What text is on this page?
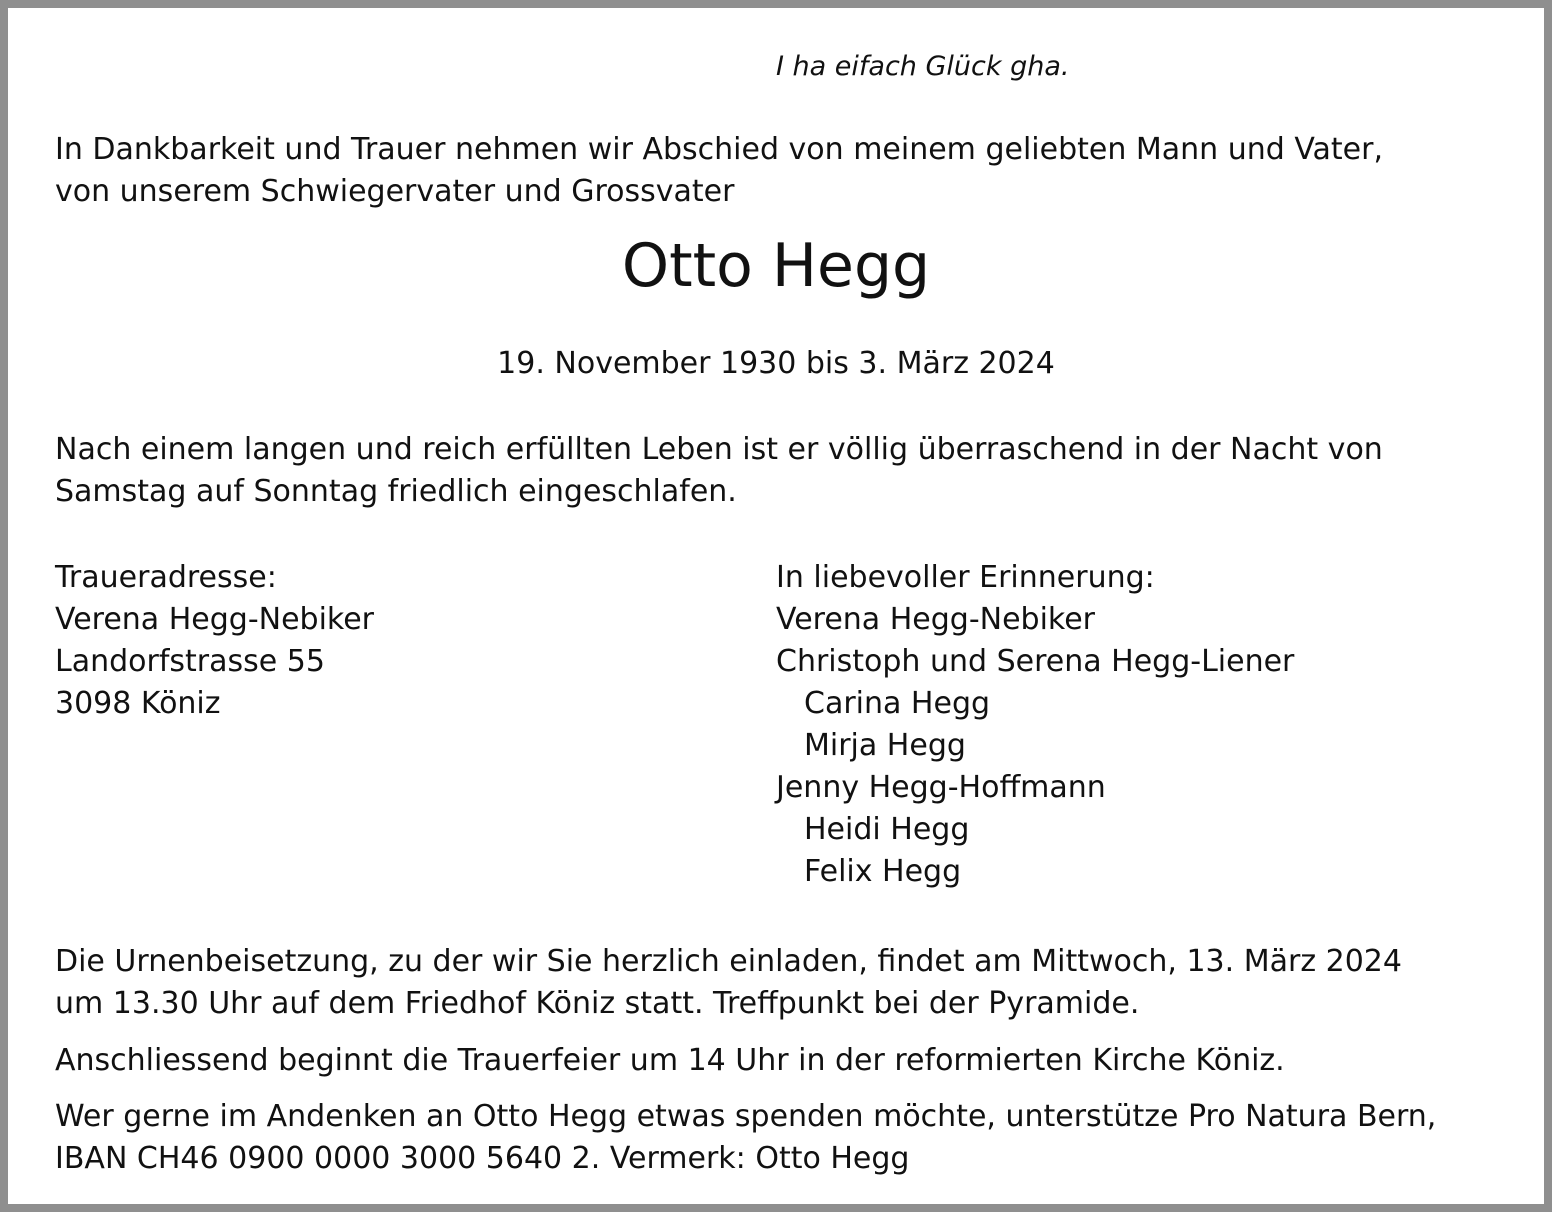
I ha eifach Glück gha.
In Dankbarkeit und Trauer nehmen wir Abschied von meinem geliebten Mann und Vater,
von unserem Schwiegervater und Grossvater
Otto Hegg
19. November 1930 bis 3. März 2024
Nach einem langen und reich erfüllten Leben ist er völlig überraschend in der Nacht von
Samstag auf Sonntag friedlich eingeschlafen.
Traueradresse:
Verena Hegg-Nebiker
Landorfstrasse 55
3098 Köniz
In liebevoller Erinnerung:
Verena Hegg-Nebiker
Christoph und Serena Hegg-Liener
Carina Hegg
Mirja Hegg
Jenny Hegg-Hoffmann
Heidi Hegg
Felix Hegg
Die Urnenbeisetzung, zu der wir Sie herzlich einladen, findet am Mittwoch, 13. März 2024
um 13.30 Uhr auf dem Friedhof Köniz statt. Treffpunkt bei der Pyramide.
Anschliessend beginnt die Trauerfeier um 14 Uhr in der reformierten Kirche Köniz.
Wer gerne im Andenken an Otto Hegg etwas spenden möchte, unterstütze Pro Natura Bern,
IBAN CH46 0900 0000 3000 5640 2. Vermerk: Otto Hegg
